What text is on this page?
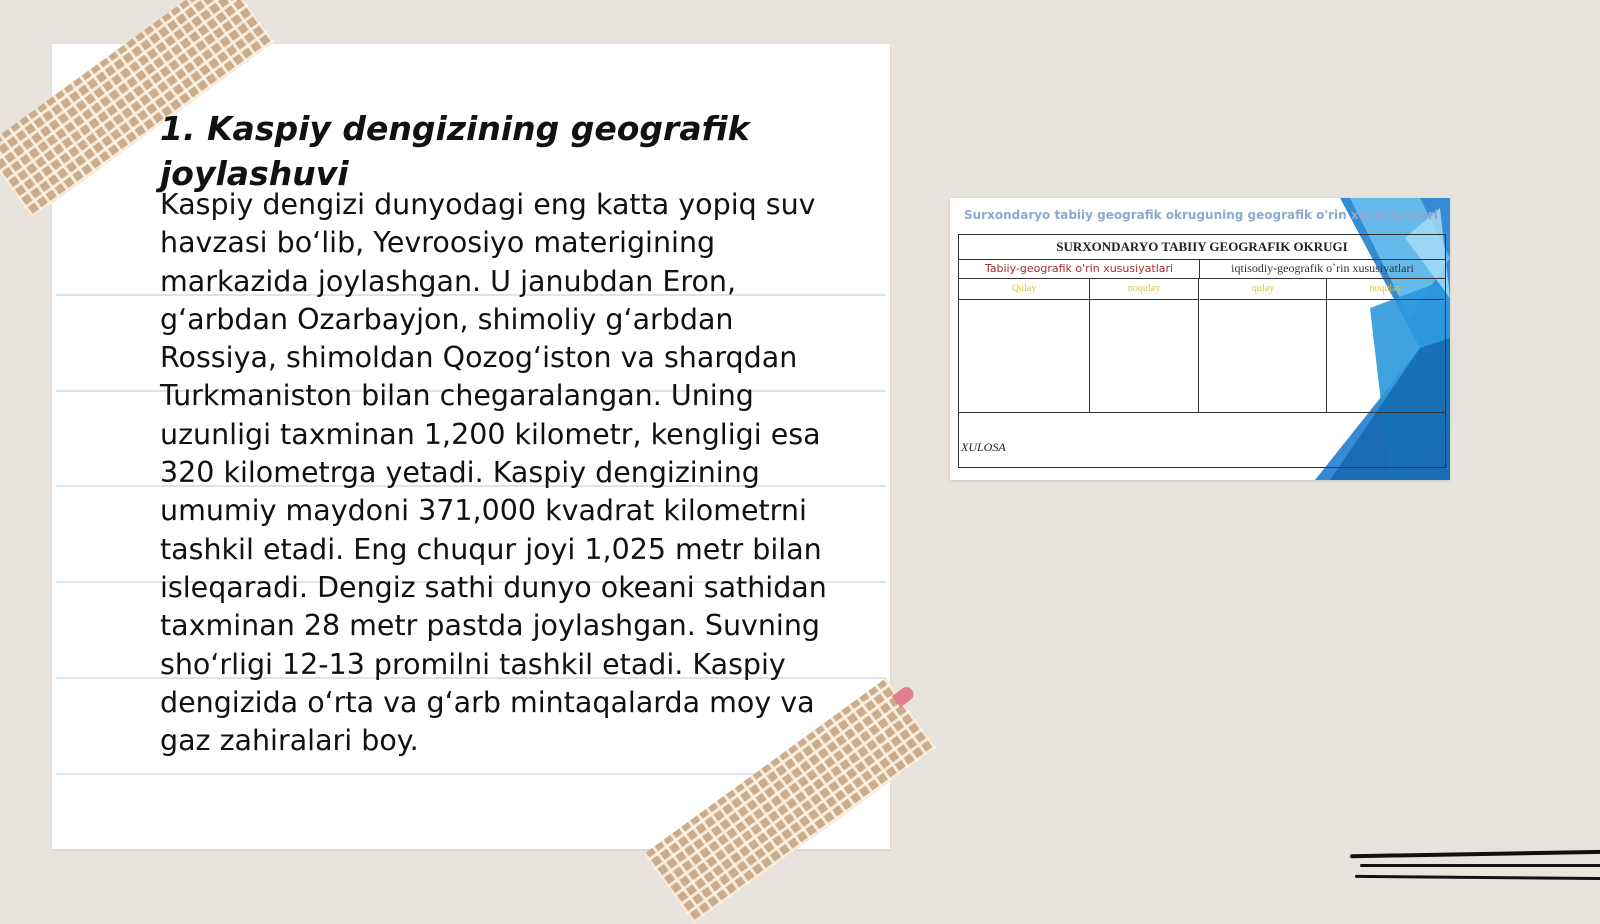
1. Kaspiy dengizining geografik joylashuvi

Kaspiy dengizi dunyodagi eng katta yopiq suv havzasi bo‘lib, Yevroosiyo materigining markazida joylashgan. U janubdan Eron, g‘arbdan Ozarbayjon, shimoliy g‘arbdan Rossiya, shimoldan Qozog‘iston va sharqdan Turkmaniston bilan chegaralangan. Uning uzunligi taxminan 1,200 kilometr, kengligi esa 320 kilometrga yetadi. Kaspiy dengizining umumiy maydoni 371,000 kvadrat kilometrni tashkil etadi. Eng chuqur joyi 1,025 metr bilan isleqaradi. Dengiz sathi dunyo okeani sathidan taxminan 28 metr pastda joylashgan. Suvning sho‘rligi 12-13 promilni tashkil etadi. Kaspiy dengizida o‘rta va g‘arb mintaqalarda moy va gaz zahiralari boy.

Surxondaryo tabiiy geografik okruguning geografik o'rin xususiyatlari
SURXONDARYO TABIIY GEOGRAFIK OKRUGI
Tabiiy-geografik o'rin xususiyatlari	iqtisodiy-geografik o`rin xususiyatlari
Qulay	noqulay	qulay	noqulay
XULOSA
